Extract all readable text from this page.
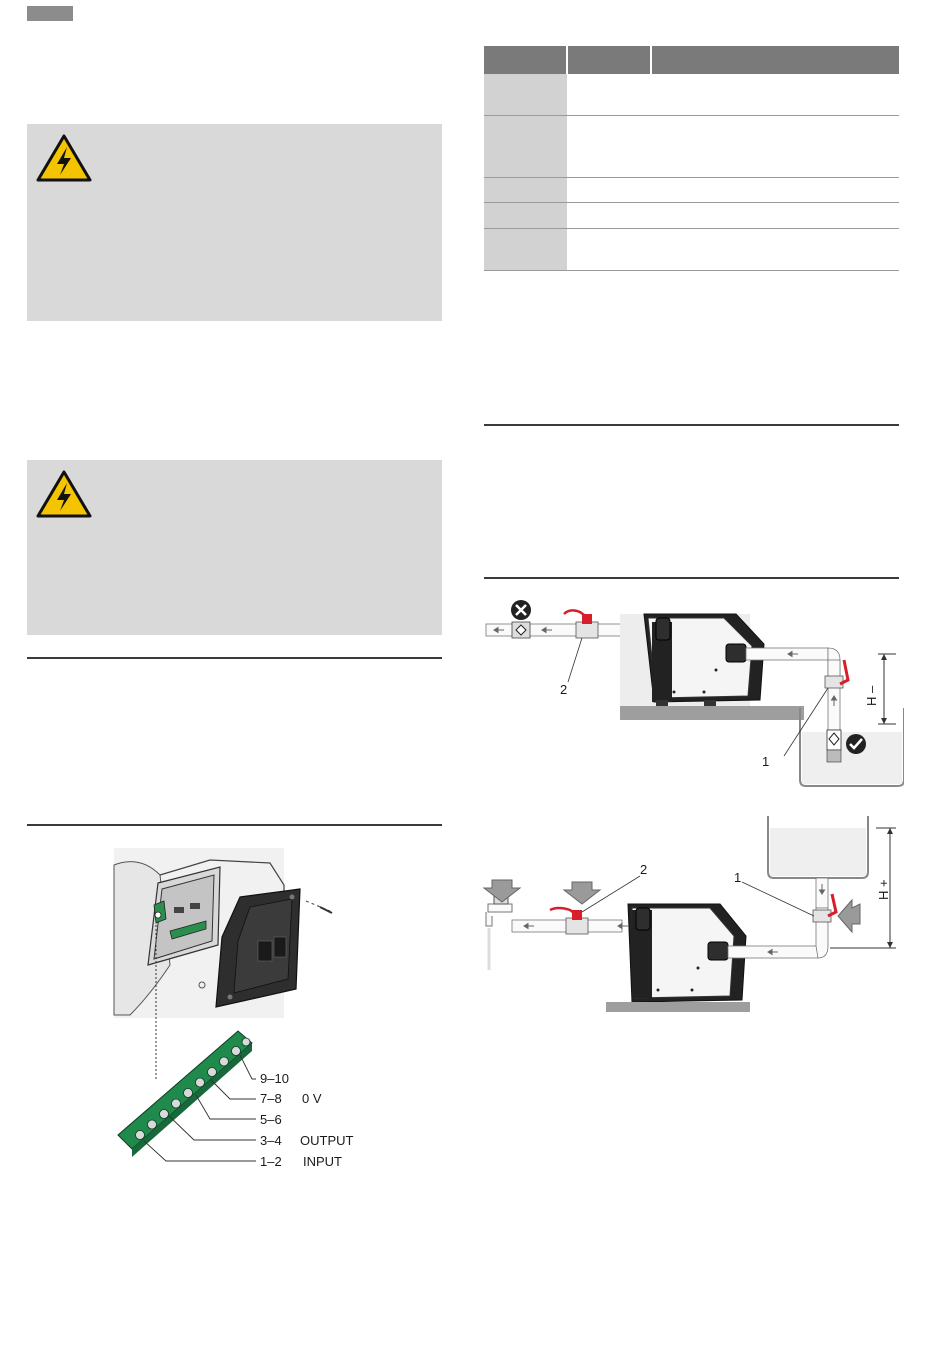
9–10
7–8 0 V
5–6
3–4 OUTPUT
1–2 INPUT
2
1
H –
2
1
H +
